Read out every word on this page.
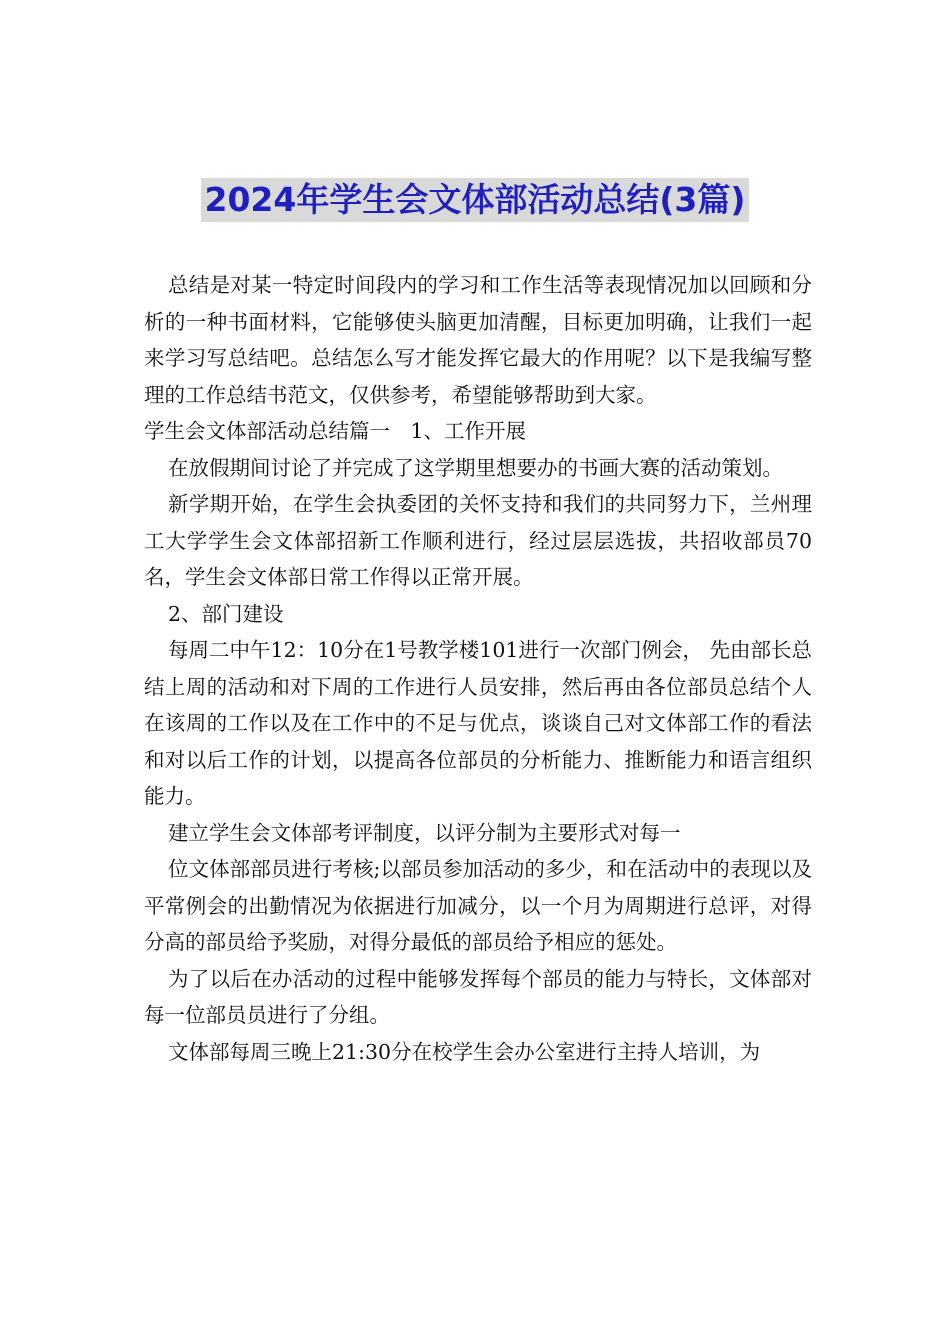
2024年学生会文体部活动总结(3篇)

总结是对某一特定时间段内的学习和工作生活等表现情况加以回顾和分析的一种书面材料，它能够使头脑更加清醒，目标更加明确，让我们一起来学习写总结吧。总结怎么写才能发挥它最大的作用呢？以下是我编写整理的工作总结书范文，仅供参考，希望能够帮助到大家。

学生会文体部活动总结篇一　1、工作开展

在放假期间讨论了并完成了这学期里想要办的书画大赛的活动策划。

新学期开始，在学生会执委团的关怀支持和我们的共同努力下，兰州理工大学学生会文体部招新工作顺利进行，经过层层选拔，共招收部员70名，学生会文体部日常工作得以正常开展。

2、部门建设

每周二中午12：10分在1号教学楼101进行一次部门例会， 先由部长总结上周的活动和对下周的工作进行人员安排，然后再由各位部员总结个人在该周的工作以及在工作中的不足与优点，谈谈自己对文体部工作的看法和对以后工作的计划，以提高各位部员的分析能力、推断能力和语言组织能力。

建立学生会文体部考评制度，以评分制为主要形式对每一

位文体部部员进行考核;以部员参加活动的多少，和在活动中的表现以及平常例会的出勤情况为依据进行加减分，以一个月为周期进行总评，对得分高的部员给予奖励，对得分最低的部员给予相应的惩处。

为了以后在办活动的过程中能够发挥每个部员的能力与特长，文体部对每一位部员员进行了分组。

文体部每周三晚上21:30分在校学生会办公室进行主持人培训，为
